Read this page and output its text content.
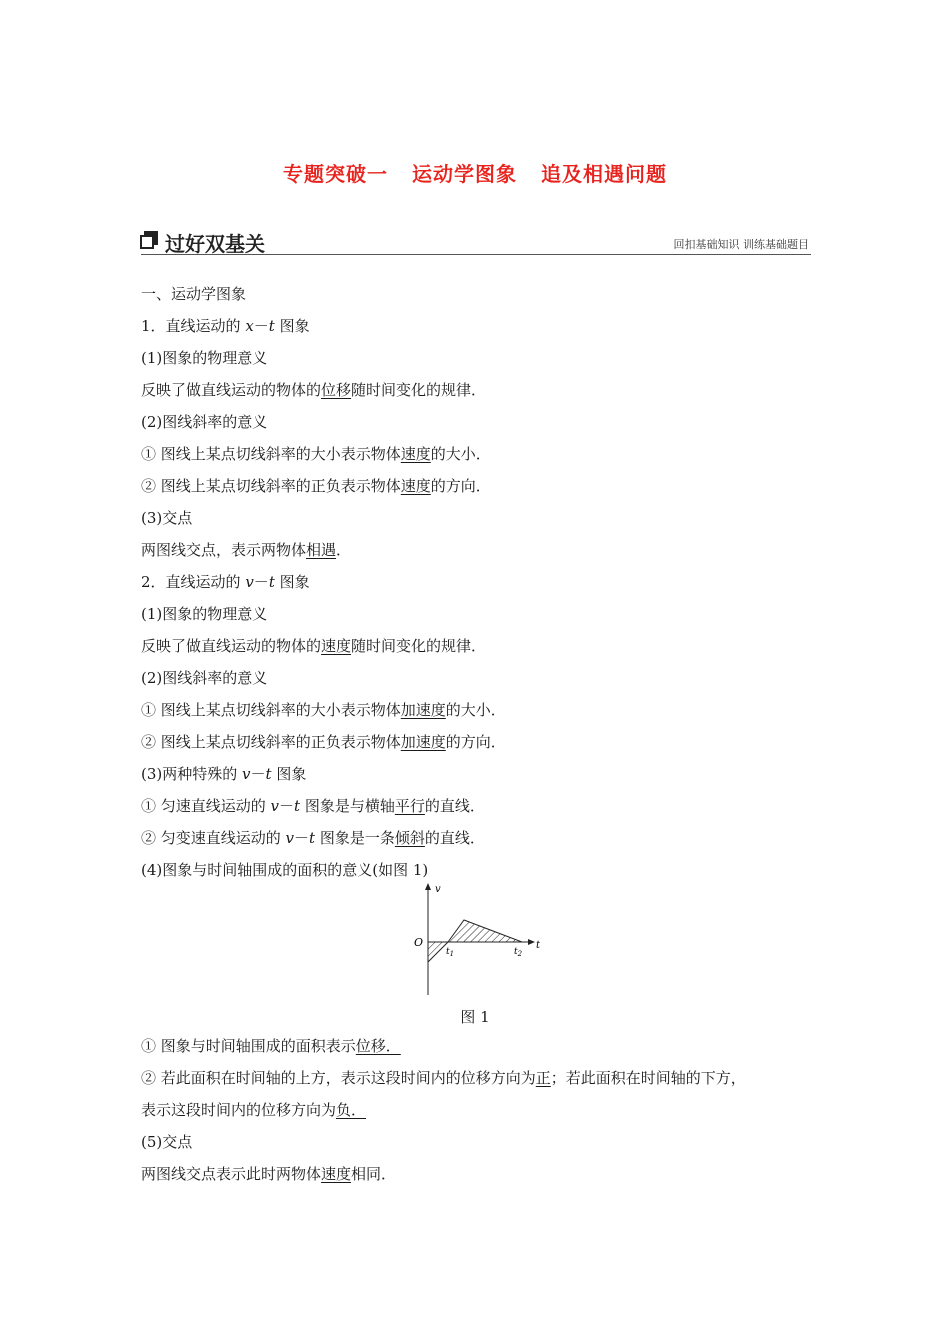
专题突破一 运动学图象 追及相遇问题
过好双基关	回扣基础知识 训练基础题目
一、运动学图象
1．直线运动的 x－t 图象
(1)图象的物理意义
反映了做直线运动的物体的位移随时间变化的规律．
(2)图线斜率的意义
① 图线上某点切线斜率的大小表示物体速度的大小．
② 图线上某点切线斜率的正负表示物体速度的方向．
(3)交点
两图线交点，表示两物体相遇．
2．直线运动的 v－t 图象
(1)图象的物理意义
反映了做直线运动的物体的速度随时间变化的规律．
(2)图线斜率的意义
① 图线上某点切线斜率的大小表示物体加速度的大小．
② 图线上某点切线斜率的正负表示物体加速度的方向．
(3)两种特殊的 v－t 图象
① 匀速直线运动的 v－t 图象是与横轴平行的直线．
② 匀变速直线运动的 v－t 图象是一条倾斜的直线．
(4)图象与时间轴围成的面积的意义(如图 1)
v
O
$t_1$	$t_2$
t
图 1
① 图象与时间轴围成的面积表示位移．
② 若此面积在时间轴的上方，表示这段时间内的位移方向为正；若此面积在时间轴的下方，
表示这段时间内的位移方向为负．
(5)交点
两图线交点表示此时两物体速度相同．
